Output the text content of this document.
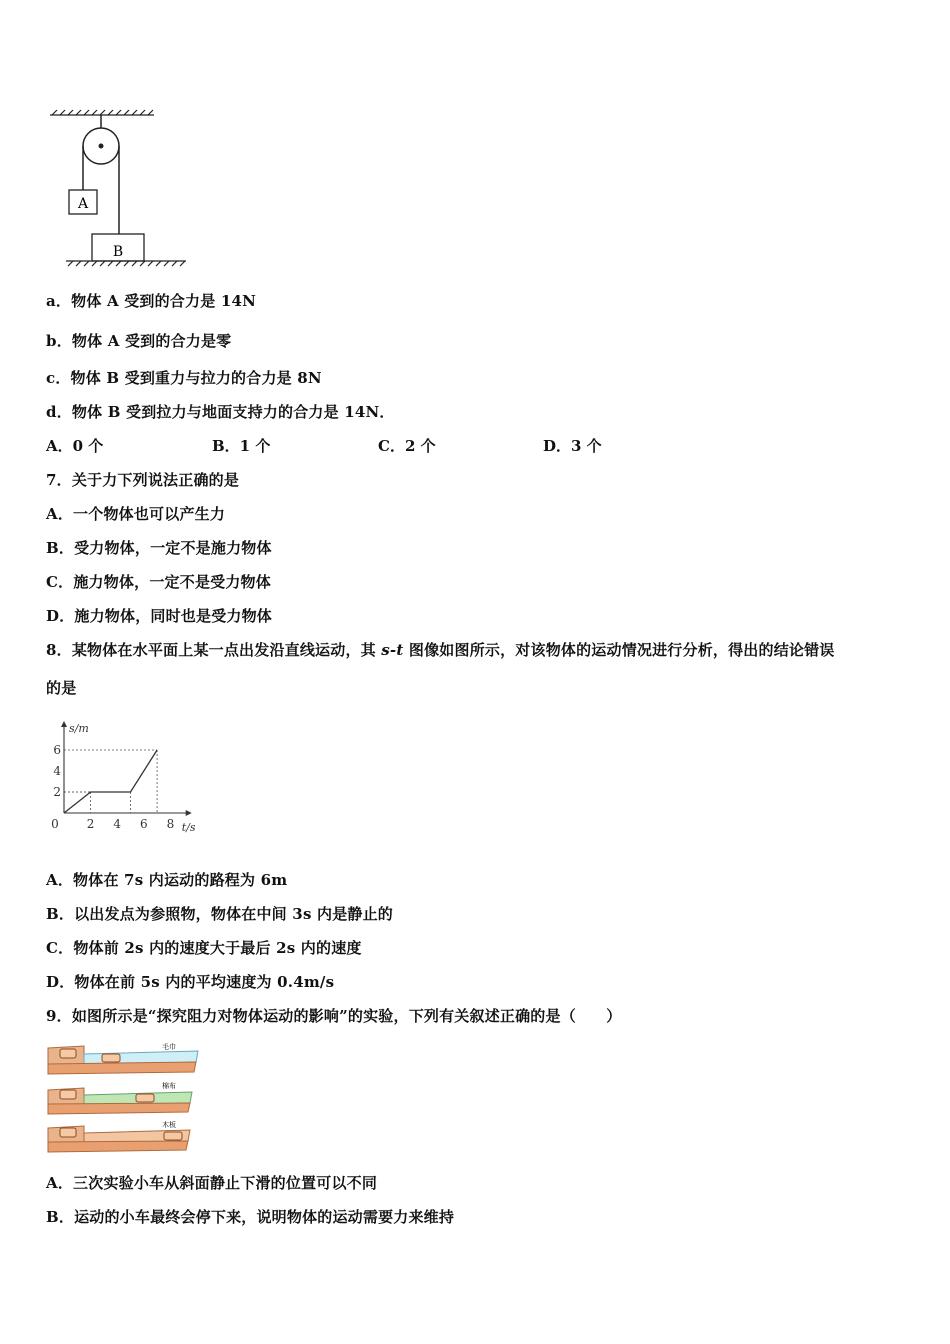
A
B
a．物体 A 受到的合力是 14N
b．物体 A 受到的合力是零
c．物体 B 受到重力与拉力的合力是 8N
d．物体 B 受到拉力与地面支持力的合力是 14N．
A．0 个	B．1 个	C．2 个	D．3 个
7．关于力下列说法正确的是
A．一个物体也可以产生力
B．受力物体，一定不是施力物体
C．施力物体，一定不是受力物体
D．施力物体，同时也是受力物体
8．某物体在水平面上某一点出发沿直线运动，其 s-t 图像如图所示，对该物体的运动情况进行分析，得出的结论错误
的是
s/m
t/s
0 2 4 6 8
2
4
6
A．物体在 7s 内运动的路程为 6m
B．以出发点为参照物，物体在中间 3s 内是静止的
C．物体前 2s 内的速度大于最后 2s 内的速度
D．物体在前 5s 内的平均速度为 0.4m/s
9．如图所示是“探究阻力对物体运动的影响”的实验，下列有关叙述正确的是（　　）
毛巾
棉布
木板
A．三次实验小车从斜面静止下滑的位置可以不同
B．运动的小车最终会停下来，说明物体的运动需要力来维持
